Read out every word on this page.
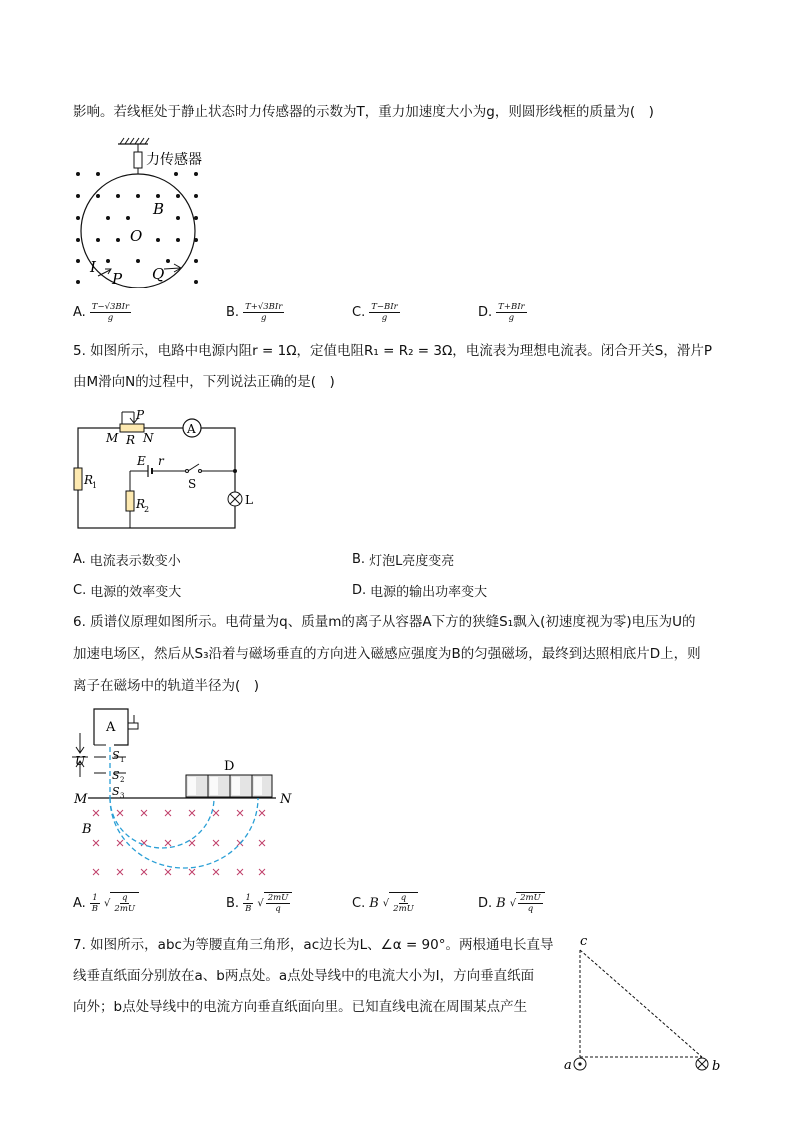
影响。若线框处于静止状态时力传感器的示数为T，重力加速度大小为g，则圆形线框的质量为(　)
力传感器
B
O
I
P Q
A. $\frac{\text{T−√3BIr}}{g}$	B. $\frac{\text{T+√3BIr}}{g}$	C. $\frac{\text{T−BIr}}{g}$	D. $\frac{\text{T+BIr}}{g}$
5. 如图所示，电路中电源内阻r = 1Ω，定值电阻R₁ = R₂ = 3Ω，电流表为理想电流表。闭合开关S，滑片P
由M滑向N的过程中，下列说法正确的是(　)
P
M R N
A
R
1
E r
S
R
2
L
A. 电流表示数变小	B. 灯泡L亮度变亮
C. 电源的效率变大	D. 电源的输出功率变大
6. 质谱仪原理如图所示。电荷量为q、质量m的离子从容器A下方的狭缝S₁飘入(初速度视为零)电压为U的
加速电场区，然后从S₃沿着与磁场垂直的方向进入磁感应强度为B的匀强磁场，最终到达照相底片D上，则
离子在磁场中的轨道半径为(　)
A
U S 1
S 2
S 3
M	N
D
B
A. $\frac{1}{B}$ √ $\frac{q}{2mU}$	B. $\frac{1}{B}$ √ $\frac{2mU}{q}$	C. B √ $\frac{q}{2mU}$	D. B √ $\frac{2mU}{q}$
7. 如图所示，abc为等腰直角三角形，ac边长为L、∠α = 90°。两根通电长直导
线垂直纸面分别放在a、b两点处。a点处导线中的电流大小为I，方向垂直纸面
向外；b点处导线中的电流方向垂直纸面向里。已知直线电流在周围某点产生
a	b
c
